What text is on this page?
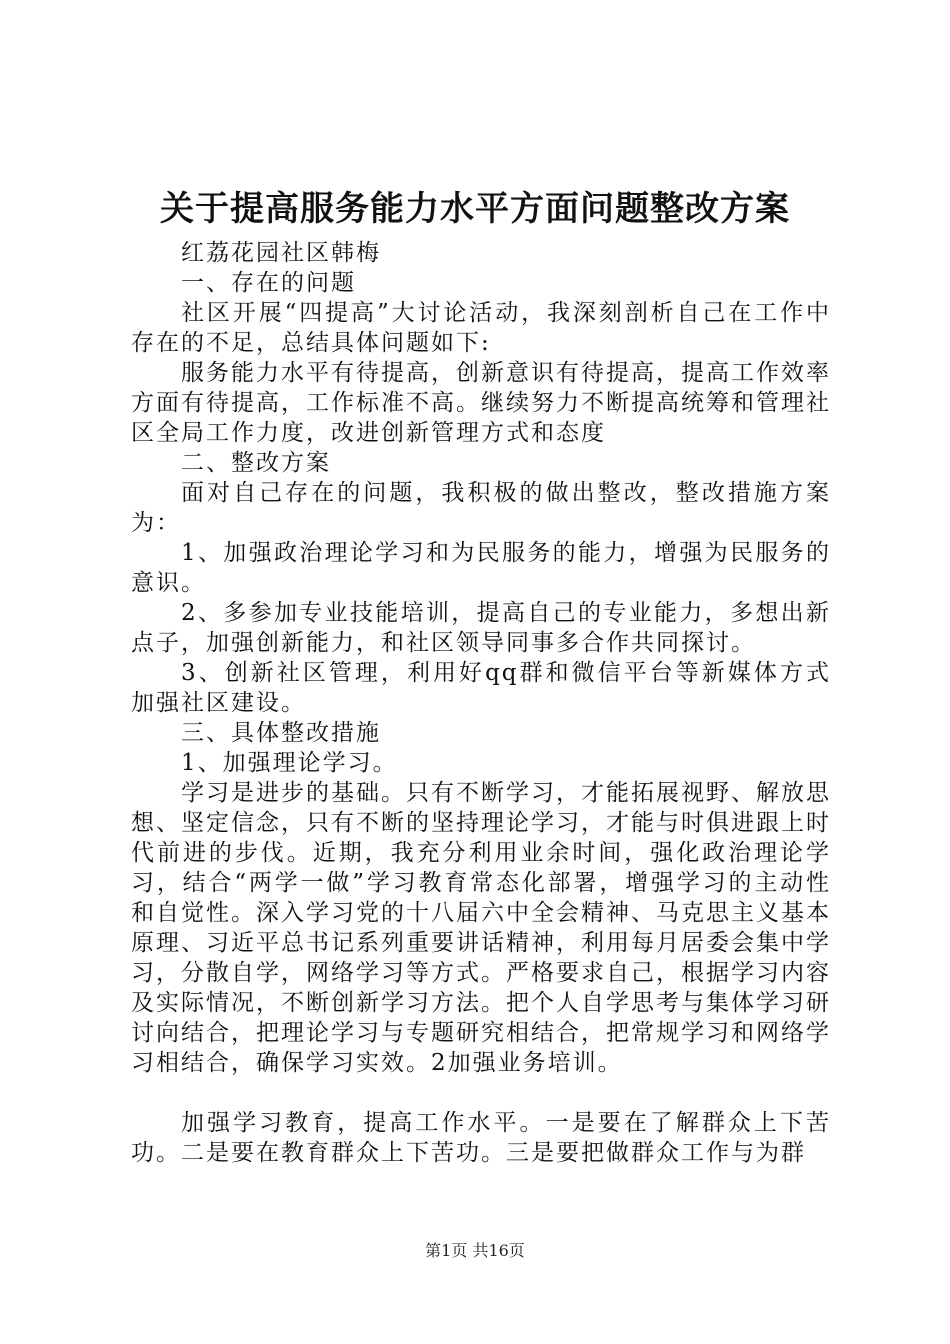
关于提高服务能力水平方面问题整改方案

红荔花园社区韩梅

一、存在的问题

社区开展“四提高”大讨论活动，我深刻剖析自己在工作中存在的不足，总结具体问题如下:

服务能力水平有待提高，创新意识有待提高，提高工作效率方面有待提高，工作标准不高。继续努力不断提高统筹和管理社区全局工作力度，改进创新管理方式和态度

二、整改方案

面对自己存在的问题，我积极的做出整改，整改措施方案为：

1、加强政治理论学习和为民服务的能力，增强为民服务的意识。

2、多参加专业技能培训，提高自己的专业能力，多想出新点子，加强创新能力，和社区领导同事多合作共同探讨。

3、创新社区管理，利用好qq群和微信平台等新媒体方式加强社区建设。

三、具体整改措施

1、加强理论学习。

学习是进步的基础。只有不断学习，才能拓展视野、解放思想、坚定信念，只有不断的坚持理论学习，才能与时俱进跟上时代前进的步伐。近期，我充分利用业余时间，强化政治理论学习，结合“两学一做”学习教育常态化部署，增强学习的主动性和自觉性。深入学习党的十八届六中全会精神、马克思主义基本原理、习近平总书记系列重要讲话精神，利用每月居委会集中学习，分散自学，网络学习等方式。严格要求自己，根据学习内容及实际情况，不断创新学习方法。把个人自学思考与集体学习研讨向结合，把理论学习与专题研究相结合，把常规学习和网络学习相结合，确保学习实效。2加强业务培训。

加强学习教育，提高工作水平。一是要在了解群众上下苦功。二是要在教育群众上下苦功。三是要把做群众工作与为群

第1页 共16页
